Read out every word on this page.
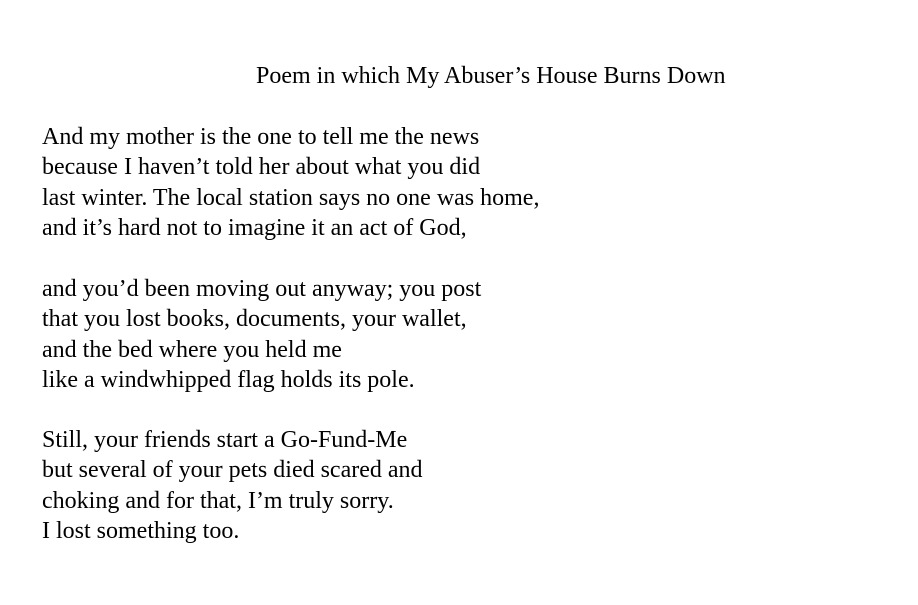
Poem in which My Abuser’s House Burns Down
And my mother is the one to tell me the news
because I haven’t told her about what you did
last winter. The local station says no one was home,
and it’s hard not to imagine it an act of God,
and you’d been moving out anyway; you post
that you lost books, documents, your wallet,
and the bed where you held me
like a windwhipped flag holds its pole.
Still, your friends start a Go-Fund-Me
but several of your pets died scared and
choking and for that, I’m truly sorry.
I lost something too.
